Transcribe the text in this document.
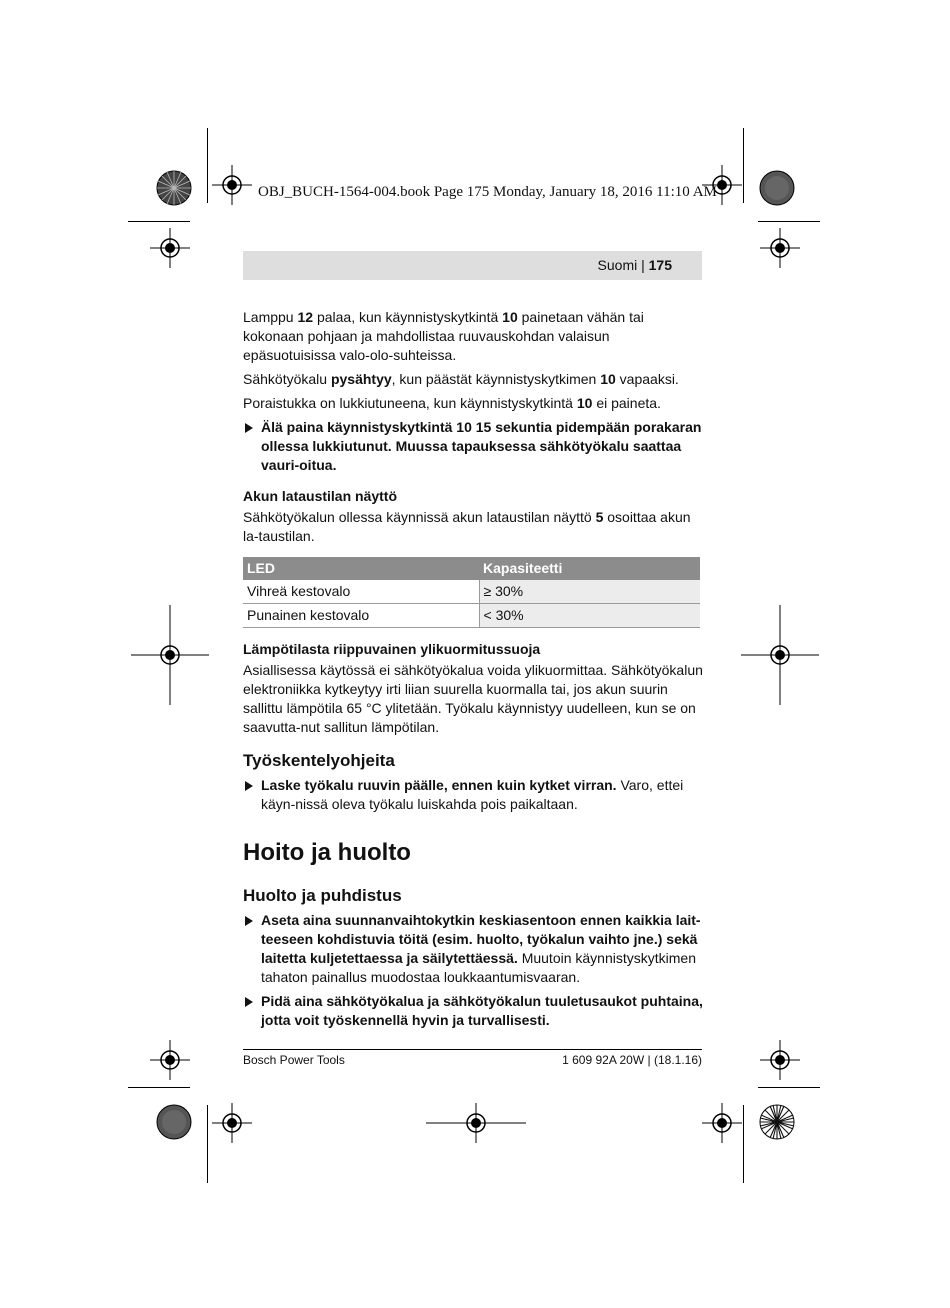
OBJ_BUCH-1564-004.book Page 175 Monday, January 18, 2016 11:10 AM
Suomi | 175

Lamppu 12 palaa, kun käynnistyskytkintä 10 painetaan vähän tai kokonaan pohjaan ja mahdollistaa ruuvauskohdan valaisun epäsuotuisissa valo-olo-suhteissa.

Sähkötyökalu pysähtyy, kun päästät käynnistyskytkimen 10 vapaaksi.

Poraistukka on lukkiutuneena, kun käynnistyskytkintä 10 ei paineta.

Älä paina käynnistyskytkintä 10 15 sekuntia pidempään porakaran ollessa lukkiutunut. Muussa tapauksessa sähkötyökalu saattaa vauri-oitua.
Akun lataustilan näyttö

Sähkötyökalun ollessa käynnissä akun lataustilan näyttö 5 osoittaa akun la-taustilan.

LED	Kapasiteetti
Vihreä kestovalo	≥ 30%
Punainen kestovalo	< 30%
Lämpötilasta riippuvainen ylikuormitussuoja

Asiallisessa käytössä ei sähkötyökalua voida ylikuormittaa. Sähkötyökalun elektroniikka kytkeytyy irti liian suurella kuormalla tai, jos akun suurin sallittu lämpötila 65 °C ylitetään. Työkalu käynnistyy uudelleen, kun se on saavutta-nut sallitun lämpötilan.

Työskentelyohjeita
Laske työkalu ruuvin päälle, ennen kuin kytket virran. Varo, ettei käyn-nissä oleva työkalu luiskahda pois paikaltaan.
Hoito ja huolto
Huolto ja puhdistus
Aseta aina suunnanvaihtokytkin keskiasentoon ennen kaikkia lait-teeseen kohdistuvia töitä (esim. huolto, työkalun vaihto jne.) sekä laitetta kuljetettaessa ja säilytettäessä. Muutoin käynnistyskytkimen tahaton painallus muodostaa loukkaantumisvaaran.
Pidä aina sähkötyökalua ja sähkötyökalun tuuletusaukot puhtaina, jotta voit työskennellä hyvin ja turvallisesti.
Bosch Power Tools	1 609 92A 20W | (18.1.16)
